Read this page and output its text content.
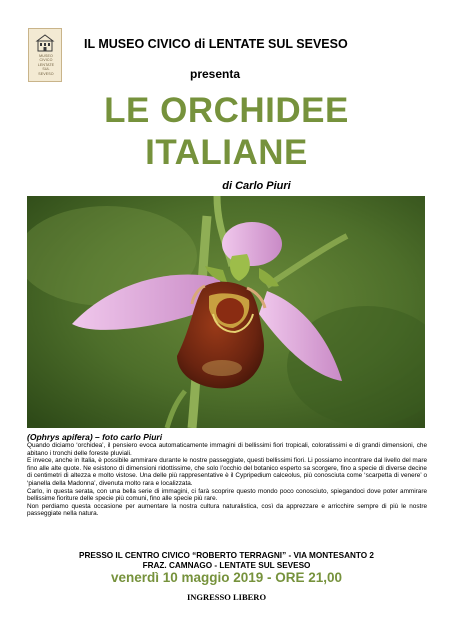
MUSEO
CIVICO
LENTATE
SUL
SEVESO
IL MUSEO CIVICO di LENTATE SUL SEVESO
presenta
LE ORCHIDEE
ITALIANE
di Carlo Piuri
(Ophrys apifera) – foto carlo Piuri

Quando diciamo ‘orchidea’, il pensiero evoca automaticamente immagini di bellissimi fiori tropicali, coloratissimi e di grandi dimensioni, che abitano i tronchi delle foreste pluviali.

E invece, anche in Italia, è possibile ammirare durante le nostre passeggiate, questi bellissimi fiori. Li possiamo incontrare dal livello del mare fino alle alte quote. Ne esistono di dimensioni ridottissime, che solo l’occhio del botanico esperto sa scorgere, fino a specie di diverse decine di centimetri di altezza e molto vistose. Una delle più rappresentative è il Cypripedium calceolus, più conosciuta come ‘scarpetta di venere’ o ‘pianella della Madonna’, divenuta molto rara e localizzata.

Carlo, in questa serata, con una bella serie di immagini, ci farà scoprire questo mondo poco conosciuto, spiegandoci dove poter ammirare bellissime fioriture delle specie più comuni, fino alle specie più rare.

Non perdiamo questa occasione per aumentare la nostra cultura naturalistica, così da apprezzare e arricchire sempre di più le nostre passeggiate nella natura.

PRESSO IL CENTRO CIVICO “ROBERTO TERRAGNI” - VIA MONTESANTO 2
FRAZ. CAMNAGO - LENTATE SUL SEVESO
venerdì 10 maggio 2019 - ORE 21,00
INGRESSO LIBERO
